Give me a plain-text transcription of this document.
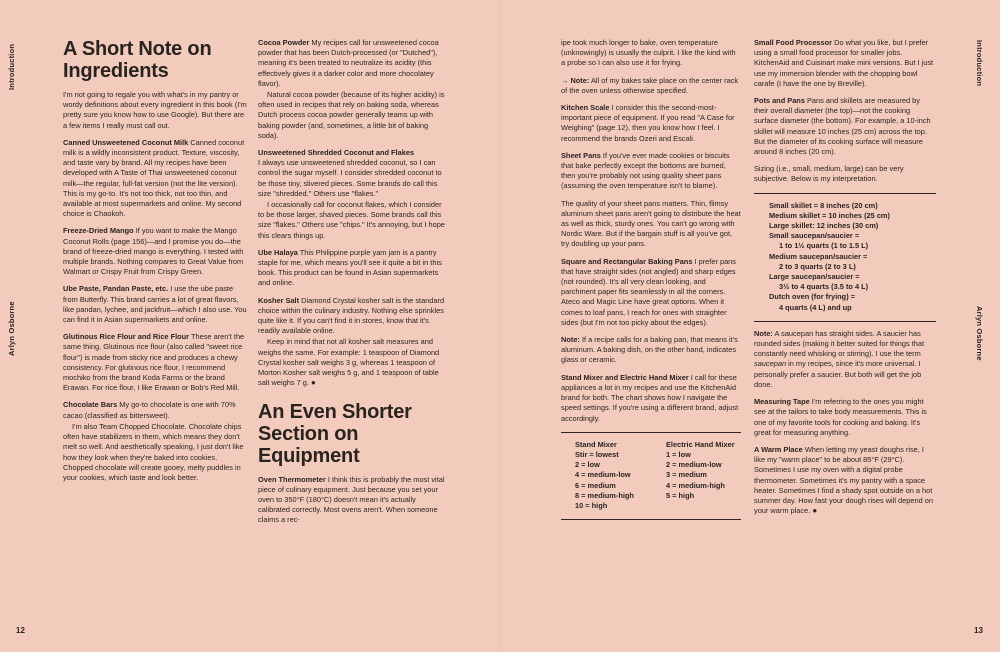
Introduction
Arlyn Osborne
12
A Short Note on Ingredients

I'm not going to regale you with what's in my pantry or wordy definitions about every ingredient in this book (I'm pretty sure you know how to use Google). But there are a few items I really must call out.

Canned Unsweetened Coconut Milk Canned coconut milk is a wildly inconsistent product. Texture, viscosity, and taste vary by brand. All my recipes have been developed with A Taste of Thai unsweetened coconut milk—the regular, full-fat version (not the lite version). This is my go-to. It's not too thick, not too thin, and available at most supermarkets and online. My second choice is Chaokoh.

Freeze-Dried Mango If you want to make the Mango Coconut Rolls (page 156)—and I promise you do—the brand of freeze-dried mango is everything. I tested with multiple brands. Nothing compares to Great Value from Walmart or Crispy Fruit from Crispy Green.

Ube Paste, Pandan Paste, etc. I use the ube paste from Butterfly. This brand carries a lot of great flavors, like pandan, lychee, and jackfruit—which I also use. You can find it in Asian supermarkets and online.

Glutinous Rice Flour and Rice Flour These aren't the same thing. Glutinous rice flour (also called "sweet rice flour") is made from sticky rice and produces a chewy consistency. For glutinous rice flour, I recommend mochiko from the brand Koda Farms or the brand Erawan. For rice flour, I like Erawan or Bob's Red Mill.

Chocolate Bars My go-to chocolate is one with 70% cacao (classified as bittersweet).

I'm also Team Chopped Chocolate. Chocolate chips often have stabilizers in them, which means they don't melt so well. And aesthetically speaking, I just don't like how they look when they're baked into cookies. Chopped chocolate will create gooey, melty puddles in your cookies, which taste and look better.

Cocoa Powder My recipes call for unsweetened cocoa powder that has been Dutch-processed (or "Dutched"), meaning it's been treated to neutralize its acidity (this effectively gives it a darker color and more chocolatey flavor).

Natural cocoa powder (because of its higher acidity) is often used in recipes that rely on baking soda, whereas Dutch process cocoa powder generally teams up with baking powder (and, sometimes, a little bit of baking soda).

Unsweetened Shredded Coconut and Flakes
I always use unsweetened shredded coconut, so I can control the sugar myself. I consider shredded coconut to be those tiny, slivered pieces. Some brands do call this size "shredded." Others use "flakes."

I occasionally call for coconut flakes, which I consider to be those larger, shaved pieces. Some brands call this size "flakes." Others use "chips." It's annoying, but I hope this clears things up.

Ube Halaya This Philippine purple yam jam is a pantry staple for me, which means you'll see it quite a bit in this book. This product can be found in Asian supermarkets and online.

Kosher Salt Diamond Crystal kosher salt is the standard choice within the culinary industry. Nothing else sprinkles quite like it. If you can't find it in stores, know that it's readily available online.

Keep in mind that not all kosher salt measures and weighs the same. For example: 1 teaspoon of Diamond Crystal kosher salt weighs 3 g, whereas 1 teaspoon of Morton Kosher salt weighs 5 g, and 1 teaspoon of table salt weighs 7 g. ●

An Even Shorter Section on Equipment

Oven Thermometer I think this is probably the most vital piece of culinary equipment. Just because you set your oven to 350°F (180°C) doesn't mean it's actually calibrated correctly. Most ovens aren't. When someone claims a rec-

Introduction
Arlyn Osborne
13

ipe took much longer to bake, oven temperature (unknowingly) is usually the culprit. I like the kind with a probe so I can also use it for frying.

→ Note: All of my bakes take place on the center rack of the oven unless otherwise specified.

Kitchen Scale I consider this the second-most-important piece of equipment. If you read "A Case for Weighing" (page 12), then you know how I feel. I recommend the brands Ozeri and Escali.

Sheet Pans If you've ever made cookies or biscuits that bake perfectly except the bottoms are burned, then you're probably not using quality sheet pans (assuming the oven temperature isn't to blame).

The quality of your sheet pans matters. Thin, flimsy aluminum sheet pans aren't going to distribute the heat as well as thick, sturdy ones. You can't go wrong with Nordic Ware. But if the bargain stuff is all you've got, try doubling up your pans.

Square and Rectangular Baking Pans I prefer pans that have straight sides (not angled) and sharp edges (not rounded). It's all very clean looking, and parchment paper fits seamlessly in all the corners. Ateco and Magic Line have great options. When it comes to loaf pans, I reach for ones with straighter sides (but I'm not too picky about the edges).

Note: If a recipe calls for a baking pan, that means it's aluminum. A baking dish, on the other hand, indicates glass or ceramic.

Stand Mixer and Electric Hand Mixer I call for these appliances a lot in my recipes and use the KitchenAid brand for both. The chart shows how I navigate the speed settings. If you're using a different brand, adjust accordingly.

Stand Mixer
Stir = lowest
2 = low
4 = medium-low
6 = medium
8 = medium-high
10 = high
Electric Hand Mixer
1 = low
2 = medium-low
3 = medium
4 = medium-high
5 = high

Small Food Processor Do what you like, but I prefer using a small food processor for smaller jobs. KitchenAid and Cuisinart make mini versions. But I just use my immersion blender with the chopping bowl carafe (I have the one by Breville).

Pots and Pans Pans and skillets are measured by their overall diameter (the top)—not the cooking surface diameter (the bottom). For example, a 10-inch skillet will measure 10 inches (25 cm) across the top. But the diameter of its cooking surface will measure around 8 inches (20 cm).

Sizing (i.e., small, medium, large) can be very subjective. Below is my interpretation.

Small skillet = 8 inches (20 cm)
Medium skillet = 10 inches (25 cm)
Large skillet: 12 inches (30 cm)
Small saucepan/saucier =
1 to 1½ quarts (1 to 1.5 L)
Medium saucepan/saucier =
2 to 3 quarts (2 to 3 L)
Large saucepan/saucier =
3½ to 4 quarts (3.5 to 4 L)
Dutch oven (for frying) =
4 quarts (4 L) and up

Note: A saucepan has straight sides. A saucier has rounded sides (making it better suited for things that constantly need whisking or stirring). I use the term saucepan in my recipes, since it's more universal. I personally prefer a saucier. But both will get the job done.

Measuring Tape I'm referring to the ones you might see at the tailors to take body measurements. This is one of my favorite tools for cooking and baking. It's great for measuring anything.

A Warm Place When letting my yeast doughs rise, I like my "warm place" to be about 85°F (29°C). Sometimes I use my oven with a digital probe thermometer. Sometimes it's my pantry with a space heater. Sometimes I find a shady spot outside on a hot summer day. How fast your dough rises will depend on your warm place. ●
